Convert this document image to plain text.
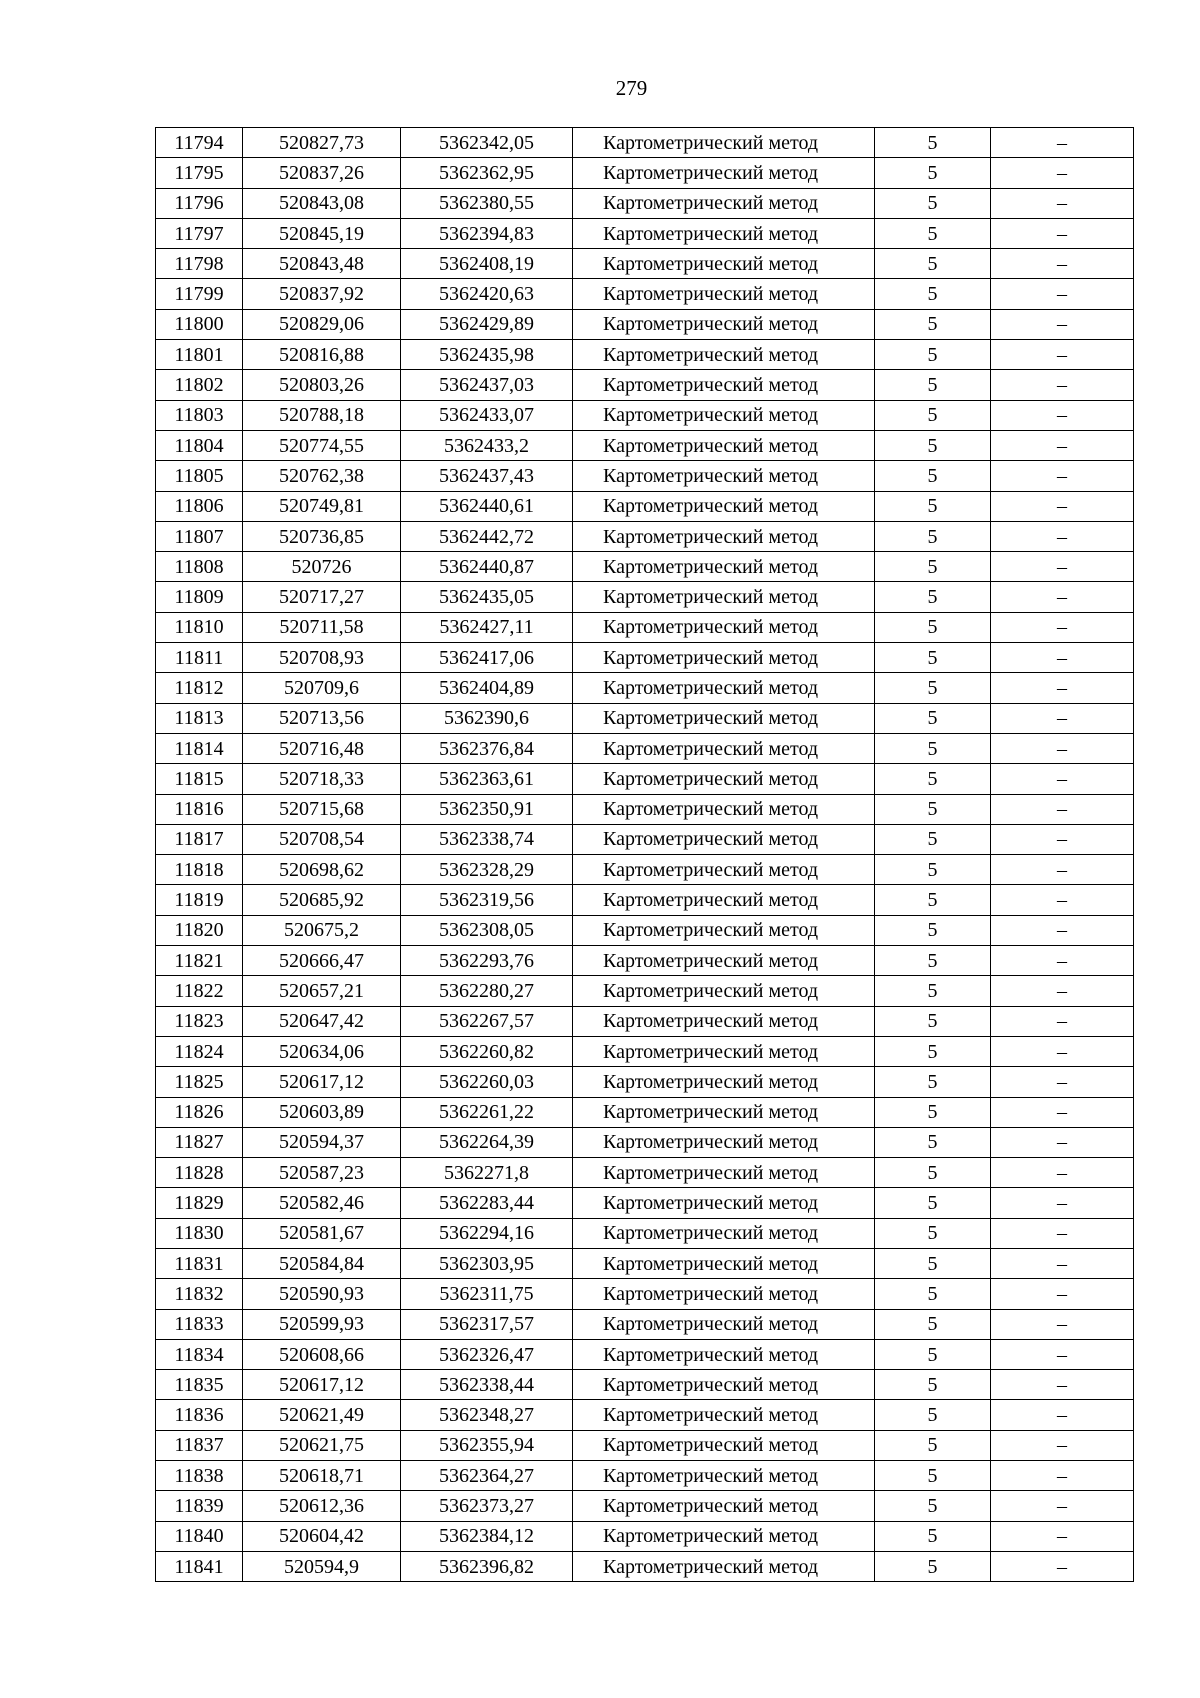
279
11794	520827,73	5362342,05	Картометрический метод	5	–
11795	520837,26	5362362,95	Картометрический метод	5	–
11796	520843,08	5362380,55	Картометрический метод	5	–
11797	520845,19	5362394,83	Картометрический метод	5	–
11798	520843,48	5362408,19	Картометрический метод	5	–
11799	520837,92	5362420,63	Картометрический метод	5	–
11800	520829,06	5362429,89	Картометрический метод	5	–
11801	520816,88	5362435,98	Картометрический метод	5	–
11802	520803,26	5362437,03	Картометрический метод	5	–
11803	520788,18	5362433,07	Картометрический метод	5	–
11804	520774,55	5362433,2	Картометрический метод	5	–
11805	520762,38	5362437,43	Картометрический метод	5	–
11806	520749,81	5362440,61	Картометрический метод	5	–
11807	520736,85	5362442,72	Картометрический метод	5	–
11808	520726	5362440,87	Картометрический метод	5	–
11809	520717,27	5362435,05	Картометрический метод	5	–
11810	520711,58	5362427,11	Картометрический метод	5	–
11811	520708,93	5362417,06	Картометрический метод	5	–
11812	520709,6	5362404,89	Картометрический метод	5	–
11813	520713,56	5362390,6	Картометрический метод	5	–
11814	520716,48	5362376,84	Картометрический метод	5	–
11815	520718,33	5362363,61	Картометрический метод	5	–
11816	520715,68	5362350,91	Картометрический метод	5	–
11817	520708,54	5362338,74	Картометрический метод	5	–
11818	520698,62	5362328,29	Картометрический метод	5	–
11819	520685,92	5362319,56	Картометрический метод	5	–
11820	520675,2	5362308,05	Картометрический метод	5	–
11821	520666,47	5362293,76	Картометрический метод	5	–
11822	520657,21	5362280,27	Картометрический метод	5	–
11823	520647,42	5362267,57	Картометрический метод	5	–
11824	520634,06	5362260,82	Картометрический метод	5	–
11825	520617,12	5362260,03	Картометрический метод	5	–
11826	520603,89	5362261,22	Картометрический метод	5	–
11827	520594,37	5362264,39	Картометрический метод	5	–
11828	520587,23	5362271,8	Картометрический метод	5	–
11829	520582,46	5362283,44	Картометрический метод	5	–
11830	520581,67	5362294,16	Картометрический метод	5	–
11831	520584,84	5362303,95	Картометрический метод	5	–
11832	520590,93	5362311,75	Картометрический метод	5	–
11833	520599,93	5362317,57	Картометрический метод	5	–
11834	520608,66	5362326,47	Картометрический метод	5	–
11835	520617,12	5362338,44	Картометрический метод	5	–
11836	520621,49	5362348,27	Картометрический метод	5	–
11837	520621,75	5362355,94	Картометрический метод	5	–
11838	520618,71	5362364,27	Картометрический метод	5	–
11839	520612,36	5362373,27	Картометрический метод	5	–
11840	520604,42	5362384,12	Картометрический метод	5	–
11841	520594,9	5362396,82	Картометрический метод	5	–
